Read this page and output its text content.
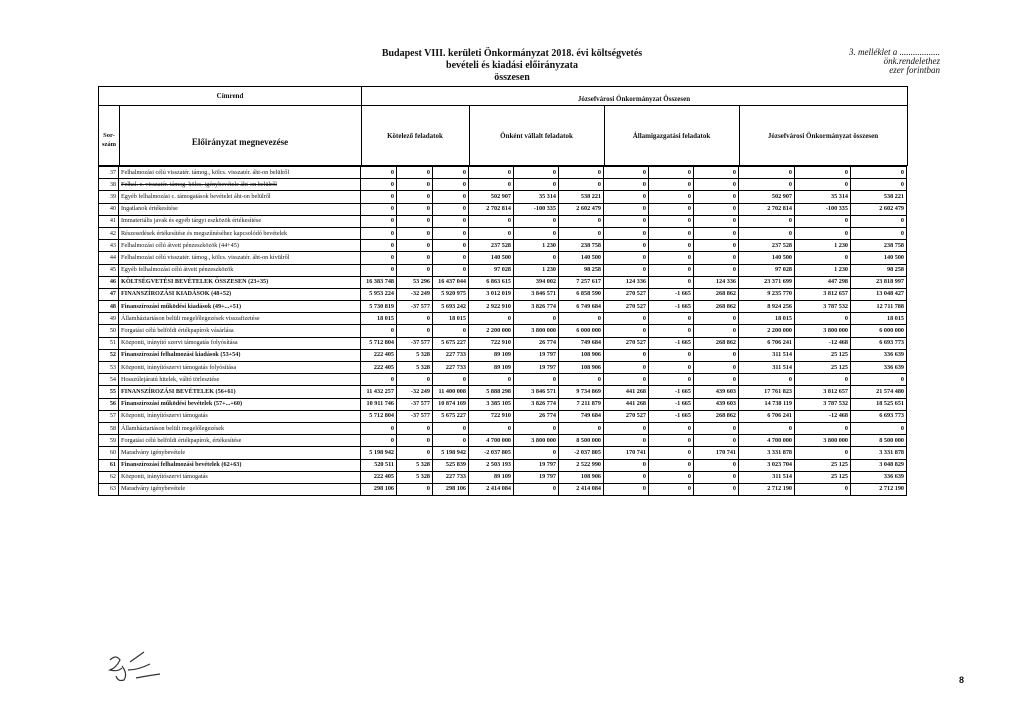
Budapest VIII. kerületi Önkormányzat 2018. évi költségvetés
bevételi és kiadási előirányzata
összesen
3. melléklet a ..................
önk.rendelethez
ezer forintban
Címrend	Józsefvárosi Önkormányzat Összesen
Sor-
szám	Előirányzat megnevezése
Kötelező feladatok	Önként vállalt feladatok	Államigazgatási feladatok	Józsefvárosi Önkormányzat összesen
37	Felhalmozási célú visszatér. támog., kölcs. visszatér. áht-on belülről	0	0	0	0	0	0	0	0	0	0	0	0
38	Felhal. c. visszatér. támog. kölcs. igénybevétele áht-on belülről	0	0	0	0	0	0	0	0	0	0	0	0
39	Egyéb felhalmozási c. támogatások bevételei áht-on belülről	0	0	0	502 907	35 314	538 221	0	0	0	502 907	35 314	538 221
40	Ingatlanok értékesítése	0	0	0	2 702 814	-100 335	2 602 479	0	0	0	2 702 814	-100 335	2 602 479
41	Immateriális javak és egyéb tárgyi eszközök értékesítése	0	0	0	0	0	0	0	0	0	0	0	0
42	Részesedések értékesítése és megszűnéséhez kapcsolódó bevételek	0	0	0	0	0	0	0	0	0	0	0	0
43	Felhalmozási célú átvett pénzeszközök (44+45)	0	0	0	237 528	1 230	238 758	0	0	0	237 528	1 230	238 758
44	Felhalmozási célú visszatér. támog., kölcs. visszatér. áht-on kívülről	0	0	0	140 500	0	140 500	0	0	0	140 500	0	140 500
45	Egyéb felhalmozási célú átvett pénzeszközök	0	0	0	97 028	1 230	98 258	0	0	0	97 028	1 230	98 258
46	KÖLTSÉGVETÉSI BEVÉTELEK ÖSSZESEN (23+35)	16 383 748	53 296	16 437 044	6 863 615	394 002	7 257 617	124 336	0	124 336	23 371 699	447 298	23 818 997
47	FINANSZÍROZÁSI KIADÁSOK (48+52)	5 953 224	-32 249	5 920 975	3 012 019	3 846 571	6 858 590	270 527	-1 665	268 862	9 235 770	3 812 657	13 048 427
48	Finanszírozási működési kiadások (49+...+51)	5 730 819	-37 577	5 693 242	2 922 910	3 826 774	6 749 684	270 527	-1 665	268 862	8 924 256	3 787 532	12 711 788
49	Államháztartáson belüli megelőlegezések visszafizetése	18 015	0	18 015	0	0	0	0	0	0	18 015	0	18 015
50	Forgatási célú belföldi értékpapírok vásárlása	0	0	0	2 200 000	3 800 000	6 000 000	0	0	0	2 200 000	3 800 000	6 000 000
51	Központi, irányító szervi támogatás folyósítása	5 712 804	-37 577	5 675 227	722 910	26 774	749 684	270 527	-1 665	268 862	6 706 241	-12 468	6 693 773
52	Finanszírozási felhalmozási kiadások (53+54)	222 405	5 328	227 733	89 109	19 797	108 906	0	0	0	311 514	25 125	336 639
53	Központi, irányítószervi támogatás folyósítása	222 405	5 328	227 733	89 109	19 797	108 906	0	0	0	311 514	25 125	336 639
54	Hosszúlejáratú hitelek, váltó törlesztése	0	0	0	0	0	0	0	0	0	0	0	0
55	FINANSZÍROZÁSI BEVÉTELEK (56+61)	11 432 257	-32 249	11 400 008	5 888 298	3 846 571	9 734 869	441 268	-1 665	439 603	17 761 823	3 812 657	21 574 480
56	Finanszírozási működési bevételek (57+...+60)	10 911 746	-37 577	10 874 169	3 385 105	3 826 774	7 211 879	441 268	-1 665	439 603	14 738 119	3 787 532	18 525 651
57	Központi, irányítószervi támogatás	5 712 804	-37 577	5 675 227	722 910	26 774	749 684	270 527	-1 665	268 862	6 706 241	-12 468	6 693 773
58	Államháztartáson belüli megelőlegezések	0	0	0	0	0	0	0	0	0	0	0	0
59	Forgatási célú belföldi értékpapírok, értékesítése	0	0	0	4 700 000	3 800 000	8 500 000	0	0	0	4 700 000	3 800 000	8 500 000
60	Maradvány igénybevétele	5 198 942	0	5 198 942	-2 037 805	0	-2 037 805	170 741	0	170 741	3 331 878	0	3 331 878
61	Finanszírozási felhalmozási bevételek (62+63)	520 511	5 328	525 839	2 503 193	19 797	2 522 990	0	0	0	3 023 704	25 125	3 048 829
62	Központi, irányítószervi támogatás	222 405	5 328	227 733	89 109	19 797	108 906	0	0	0	311 514	25 125	336 639
63	Maradvány igénybevétele	298 106	0	298 106	2 414 084	0	2 414 084	0	0	0	2 712 190	0	2 712 190
8
